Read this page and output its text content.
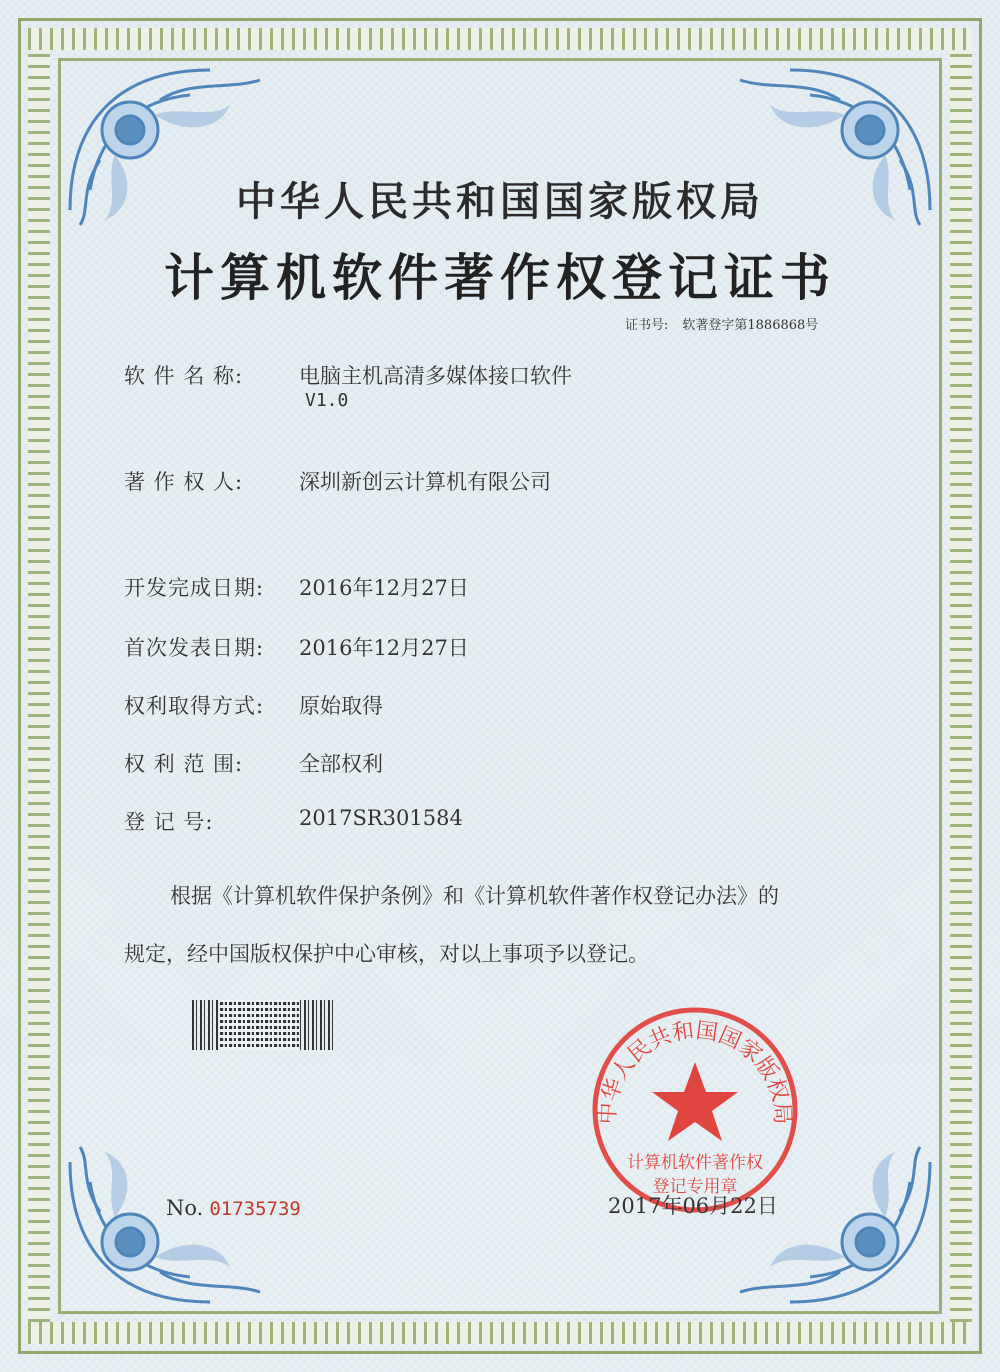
中华人民共和国国家版权局
计算机软件著作权登记证书
证书号: 软著登字第1886868号
软 件 名 称:	电脑主机高清多媒体接口软件
V1.0
著 作 权 人:	深圳新创云计算机有限公司
开发完成日期: 2016年12月27日
首次发表日期: 2016年12月27日
权利取得方式: 原始取得
权 利 范 围:	全部权利
登 记 号:	2017SR301584
根据《计算机软件保护条例》和《计算机软件著作权登记办法》的
规定，经中国版权保护中心审核，对以上事项予以登记。
No. 01735739
中华人民共和国国家版权局
计算机软件著作权
登记专用章
2017年06月22日
